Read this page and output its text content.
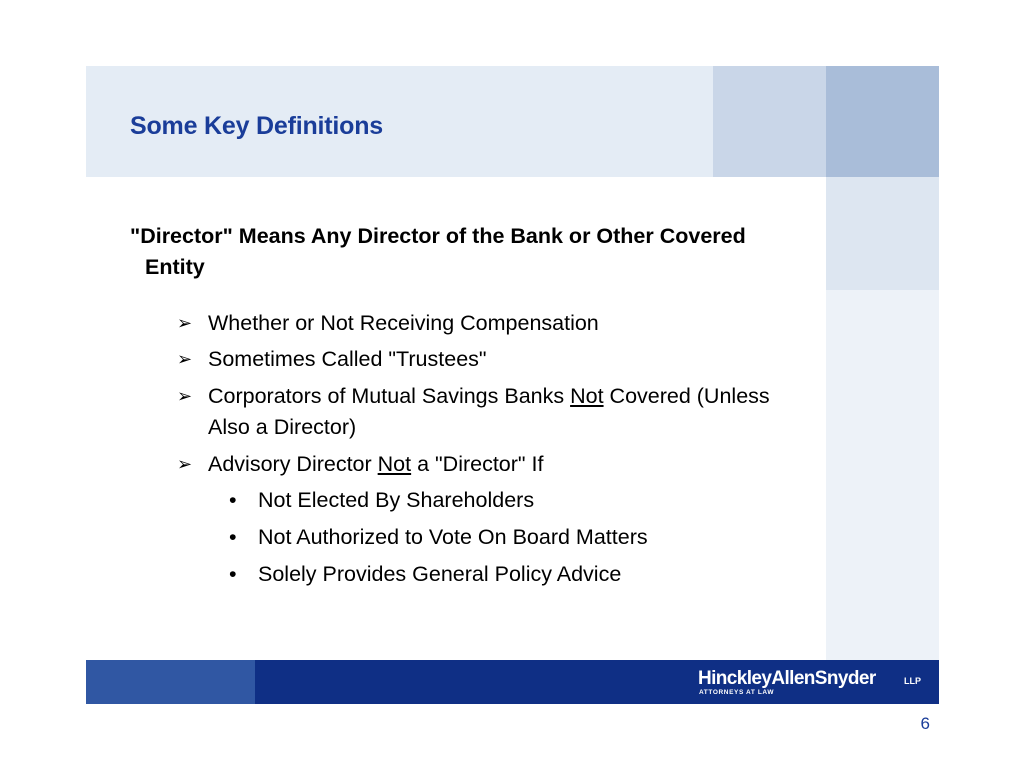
Some Key Definitions
"Director" Means Any Director of the Bank or Other Covered Entity
➢ Whether or Not Receiving Compensation
➢ Sometimes Called "Trustees"
➢ Corporators of Mutual Savings Banks Not Covered (Unless Also a Director)
➢ Advisory Director Not a "Director" If
• Not Elected By Shareholders
• Not Authorized to Vote On Board Matters
• Solely Provides General Policy Advice
HinckleyAllenSnyder	LLP
ATTORNEYS AT LAW
6
